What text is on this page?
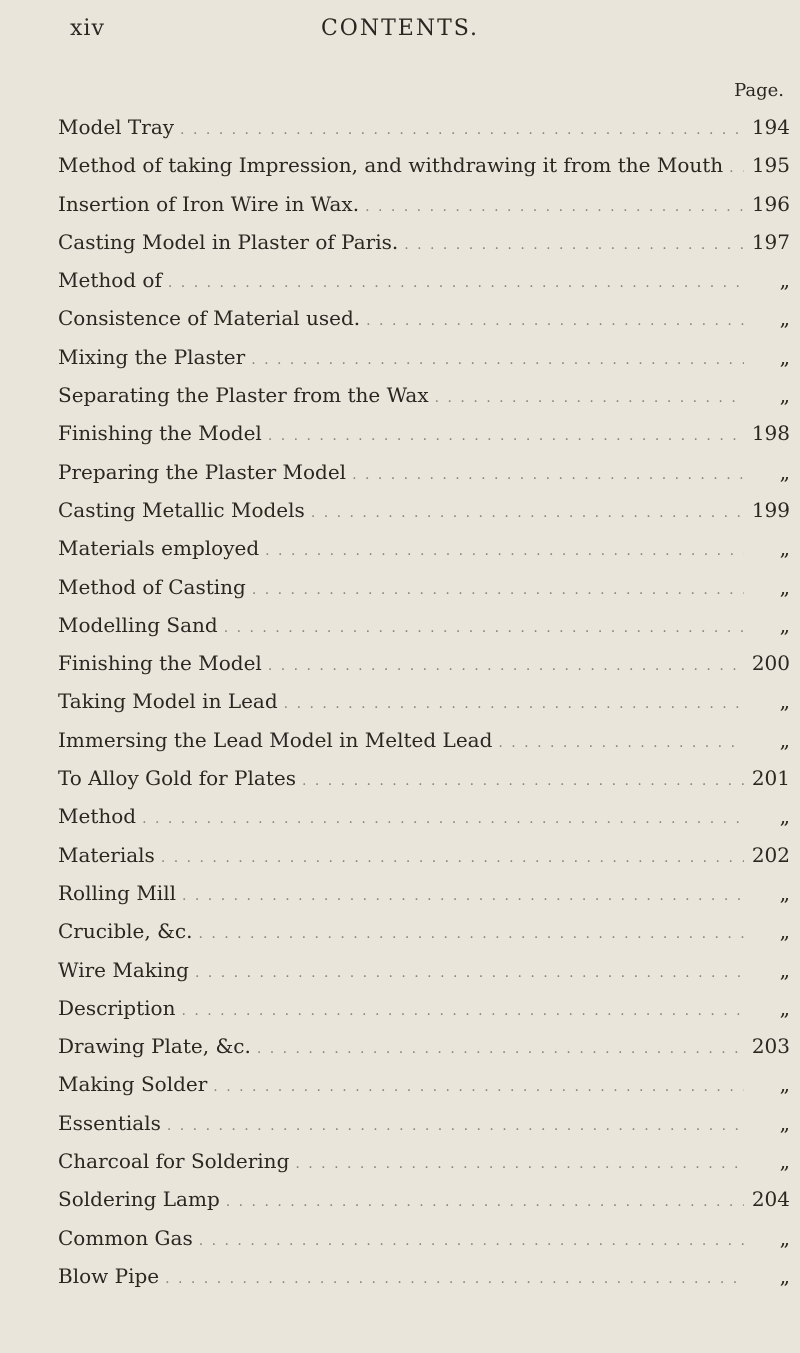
xiv	CONTENTS.
Page.
Model Tray . . .	194
Method of taking Impression, and withdrawing it from the Mouth . . . 195
Insertion of Iron Wire in Wax. . . .	196
Casting Model in Plaster of Paris. . . .	197
Method of . . .	„
Consistence of Material used. . . .	„
Mixing the Plaster . . .	„
Separating the Plaster from the Wax . . .	„
Finishing the Model . . .	198
Preparing the Plaster Model . . .	„
Casting Metallic Models . . .	199
Materials employed . . .	„
Method of Casting . . .	„
Modelling Sand . . .	„
Finishing the Model . . .	200
Taking Model in Lead . . .	„
Immersing the Lead Model in Melted Lead . . .	„
To Alloy Gold for Plates . . .	201
Method . . .	„
Materials . . .	202
Rolling Mill . . .	„
Crucible, &c. . . .	„
Wire Making . . .	„
Description . . .	„
Drawing Plate, &c. . . .	203
Making Solder . . .	„
Essentials . . .	„
Charcoal for Soldering . . .	„
Soldering Lamp . . .	204
Common Gas . . .	„
Blow Pipe . . .	„
